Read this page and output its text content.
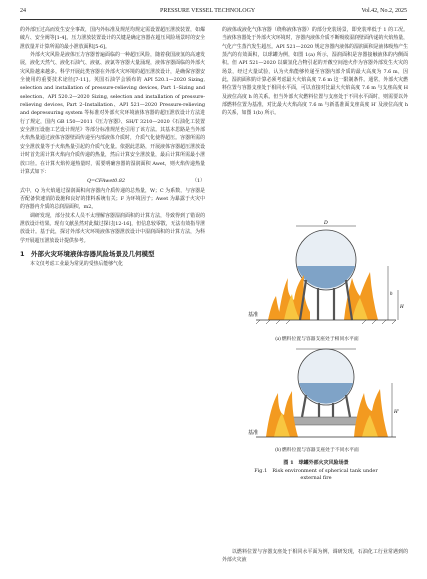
24	PRESSURE VESSEL TECHNOLOGY	Vol.42, No.2, 2025

的外部压过高而发生安全事故，国内外标准及规范均规定需设置超压泄放装置，如爆破片、安全阀等[1-4]。压力泄放装置设计的关键是确定容器在超压风险场景时的安全泄放量并计算所需的最小泄放面积[5-6]。

外部火灾风险是液体压力容器普遍面临的一种超压风险，随着我国液氢的高速发展，液化天然气、液化石油气、液氨、液氯等容器大量涌现，液体容器面临的外部火灾风险越来越多。科学开展此类容器在外部火灾环境的超压泄放设计，是确保容器安全使用的重要技术途径[7-11]。英国石油学会颁布的 API 520.1—2020 Sizing, selection and installation of pressure-relieving devices, Part 1–Sizing and selection、API 520.2—2020 Sizing, selection and installation of pressure-relieving devices, Part 2–Installation、API 521—2020 Pressure-relieving and depressuring system 等标准对外部火灾环境液体容器的超压泄放设计方法进行了规定，国内 GB 150—2011《压力容器》、SH/T 3210—2020《石油化工装置安全泄压设施工艺设计规范》等部分标准规范也引用了该方法。其基本思路是当外部火焰热量通过液体容器壁面传递至内部液体介质时，介质气化使得超压。容器所需的安全泄放量等于火焰热量引起的介质气化量。依据此思路，开展液体容器超压泄放设计时首先需计算火焰向介质传递的热量，然后计算安全泄放量，最后计算所需最小泄放口径。在计算火焰传递热量时，需要明确容器的湿润面积 Awet，则火焰传递热量计算式如下：

Q=CFAwet0.82	（1）

式中，Q 为火焰通过湿润面积向容器内介质传递的总热量，W；C 为系数，与容器是否配备快速消防设施和良好的排料系统有关；F 为环境因子；Awet 为暴露于火灾中的容器内介质的总润湿面积，m2。

调研发现，部分技术人员不太理解容器湿润面积的计算方法，导致得到了错误的泄放设计结果。现有文献虽然对此做过探讨[12-16]，但信息较零散，无法有效指导泄放设计。基于此，探讨外部火灾环境液体容器泄放设计中湿润面积的计算方法，为科学开展超压泄放设计提供参考。

1　外部火灾环境液体容器风险场景及几何模型

本文仅考虑工业最为常见的受热后能够气化

的液体或液化气体容器（绕称液体容器）的部分充装场景，即充装率低于 1 的工况。当液体容器处于外部火灾环境时，容器内液体介质不断吸收湿润壁面传递的火焰热量，气化产生蒸汽发生超压。API 521—2020 规定容器内液体的湿润面积是液体吸热产生蒸汽的有效面积，以球罐为例，如图 1(a) 所示，湿润面积是容器接触液体的内侧面积。但 API 521—2020 以碳氢化合物引起的开敞空间池火作为容器外部发生火灾的场景，经过大量试验，认为火焰能够传递至容器内部介质的最大高度为 7.6 m，因此，湿润面积的计算必须考虑最大火焰高度 7.6 m 这一限制条件。通常，外部火灾燃料位置与容器支座处于相同水平面，可以直接对比最大火焰高度 7.6 m 与支座高度 H 及液位高度 h 的关系。但当外部火灾燃料位置与支座处于不同水平面时，则需要以外部燃料位置为基准，对比最大火焰高度 7.6 m 与新基准面支座高度 H′ 及液位高度 h 的关系，如图 1(b) 所示。

D
h
H
基准
(a) 燃料位置与容器支座处于相同水平面
H′
基准
(b) 燃料位置与容器支座处于不同水平面
图 1　球罐外部火灾风险场景
Fig.1　Risk environment of spherical tank under
external fire

以燃料位置与容器支座处于相同水平面为例，调研发现，石油化工行业常遇到的外部火灾液
